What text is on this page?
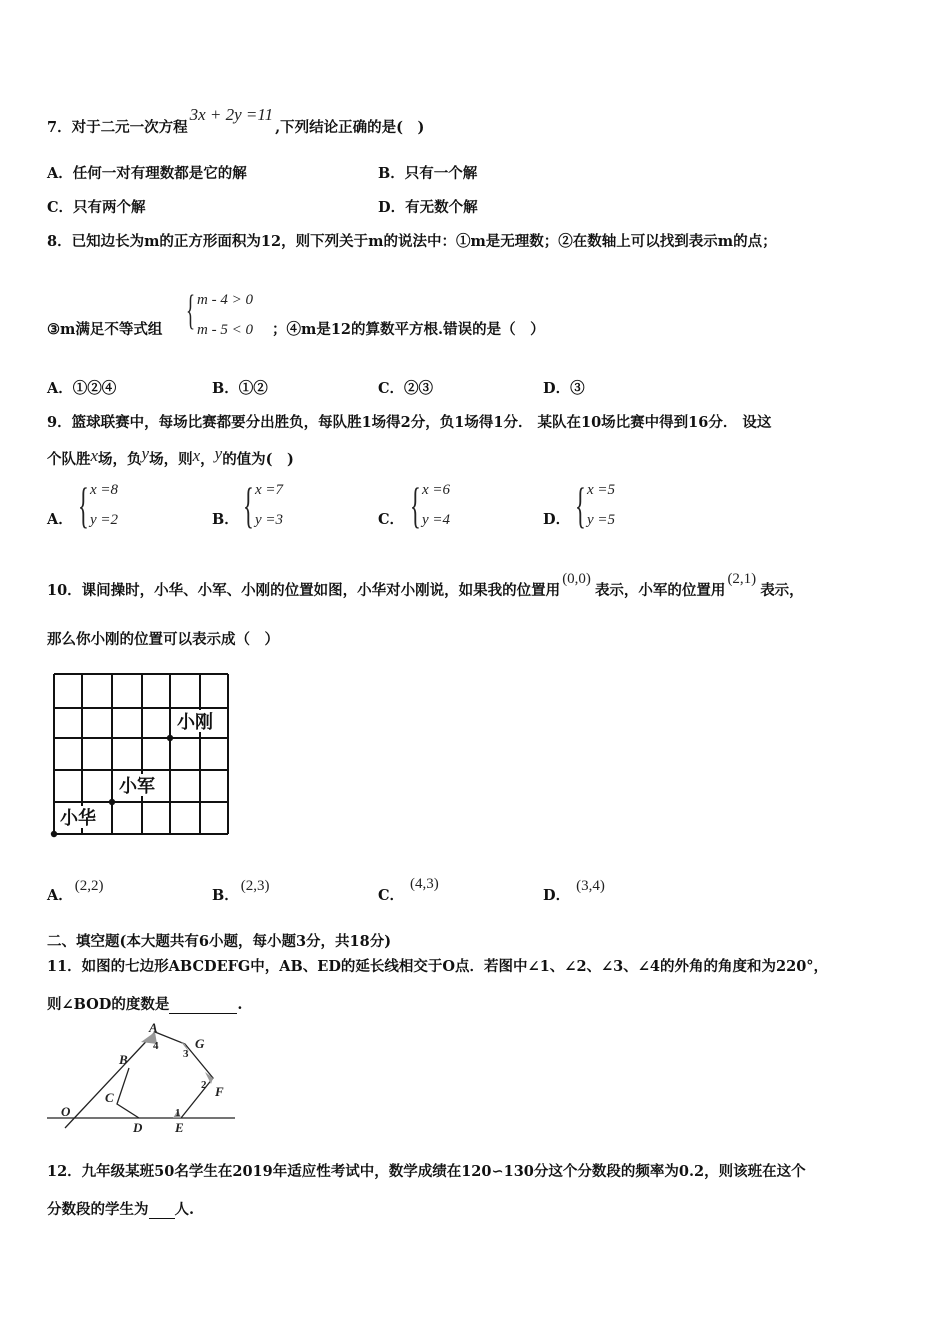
7．对于二元一次方程3x + 2y =11,下列结论正确的是(　)
A．任何一对有理数都是它的解	B．只有一个解
C．只有两个解	D．有无数个解
8．已知边长为m的正方形面积为12，则下列关于m的说法中：①m是无理数；②在数轴上可以找到表示m的点；
③m满足不等式组 { m - 4 > 0
m - 5 < 0 ；④m是12的算数平方根.错误的是（　）
A．①②④	B．①②	C．②③	D．③
9．篮球联赛中，每场比赛都要分出胜负，每队胜1场得2分，负1场得1分． 某队在10场比赛中得到16分． 设这
个队胜x场，负y场，则x，y的值为(　)
A． { x =8
y =2	B． { x =7
y =3	C． { x =6
y =4	D． { x =5
y =5
10．课间操时，小华、小军、小刚的位置如图，小华对小刚说，如果我的位置用(0,0)表示，小军的位置用(2,1)表示，
那么你小刚的位置可以表示成（　）
小刚
小军
小华
A．(2,2)
B．(2,3)
C．(4,3)
D．(3,4)
二、填空题(本大题共有6小题，每小题3分，共18分)
11．如图的七边形ABCDEFG中，AB、ED的延长线相交于O点．若图中∠1、∠2、∠3、∠4的外角的角度和为220°，
则∠BOD的度数是	.
A
B
C
D	E
F
G
O
4
3
2
1
12．九年级某班50名学生在2019年适应性考试中，数学成绩在120∽130分这个分数段的频率为0.2，则该班在这个
分数段的学生为 人.
